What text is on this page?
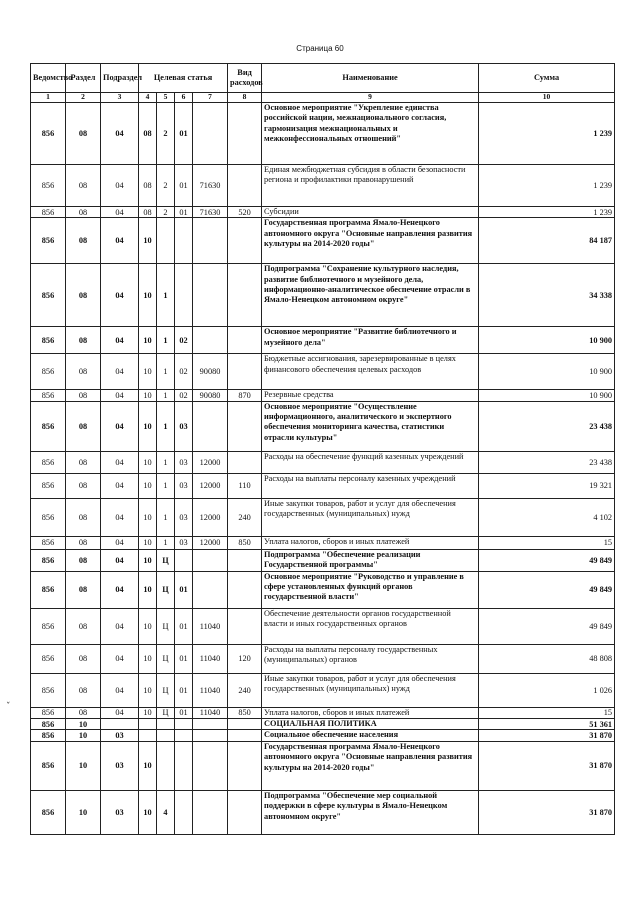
Страница 60
Ведомство	Раздел	Подраздел	Целевая статья				Вид расходов	Наименование	Сумма
1	2	3	4	5	6	7	8	9	10
856	08	04	08	2	01			Основное мероприятие "Укрепление единства российской нации, межнационального согласия, гармонизация межнациональных и межконфессиональных отношений"	1 239
856	08	04	08	2	01	71630		Единая межбюджетная субсидия в области безопасности региона и профилактики правонарушений	1 239
856	08	04	08	2	01	71630	520	Субсидии	1 239
856	08	04	10					Государственная программа Ямало-Ненецкого автономного округа "Основные направления развития культуры на 2014-2020 годы"	84 187
856	08	04	10	1				Подпрограмма "Сохранение культурного наследия, развитие библиотечного и музейного дела, информационно-аналитическое обеспечение отрасли в Ямало-Ненецком автономном округе"	34 338
856	08	04	10	1	02			Основное мероприятие "Развитие библиотечного и музейного дела"	10 900
856	08	04	10	1	02	90080		Бюджетные ассигнования, зарезервированные в целях финансового обеспечения целевых расходов	10 900
856	08	04	10	1	02	90080	870	Резервные средства	10 900
856	08	04	10	1	03			Основное мероприятие "Осуществление информационного, аналитического и экспертного обеспечения мониторинга качества, статистики отрасли культуры"	23 438
856	08	04	10	1	03	12000		Расходы на обеспечение функций казенных учреждений	23 438
856	08	04	10	1	03	12000	110	Расходы на выплаты персоналу казенных учреждений	19 321
856	08	04	10	1	03	12000	240	Иные закупки товаров, работ и услуг для обеспечения государственных (муниципальных) нужд	4 102
856	08	04	10	1	03	12000	850	Уплата налогов, сборов и иных платежей	15
856	08	04	10	Ц				Подпрограмма "Обеспечение реализации Государственной программы"	49 849
856	08	04	10	Ц	01			Основное мероприятие "Руководство и управление в сфере установленных функций органов государственной власти"	49 849
856	08	04	10	Ц	01	11040		Обеспечение деятельности органов государственной власти и иных государственных органов	49 849
856	08	04	10	Ц	01	11040	120	Расходы на выплаты персоналу государственных (муниципальных) органов	48 808
856	08	04	10	Ц	01	11040	240	Иные закупки товаров, работ и услуг для обеспечения государственных (муниципальных) нужд	1 026
856	08	04	10	Ц	01	11040	850	Уплата налогов, сборов и иных платежей	15
856	10							СОЦИАЛЬНАЯ ПОЛИТИКА	51 361
856	10	03						Социальное обеспечение населения	31 870
856	10	03	10					Государственная программа Ямало-Ненецкого автономного округа "Основные направления развития культуры на 2014-2020 годы"	31 870
856	10	03	10	4				Подпрограмма "Обеспечение мер социальной поддержки в сфере культуры в Ямало-Ненецком автономном округе"	31 870
ˇ
